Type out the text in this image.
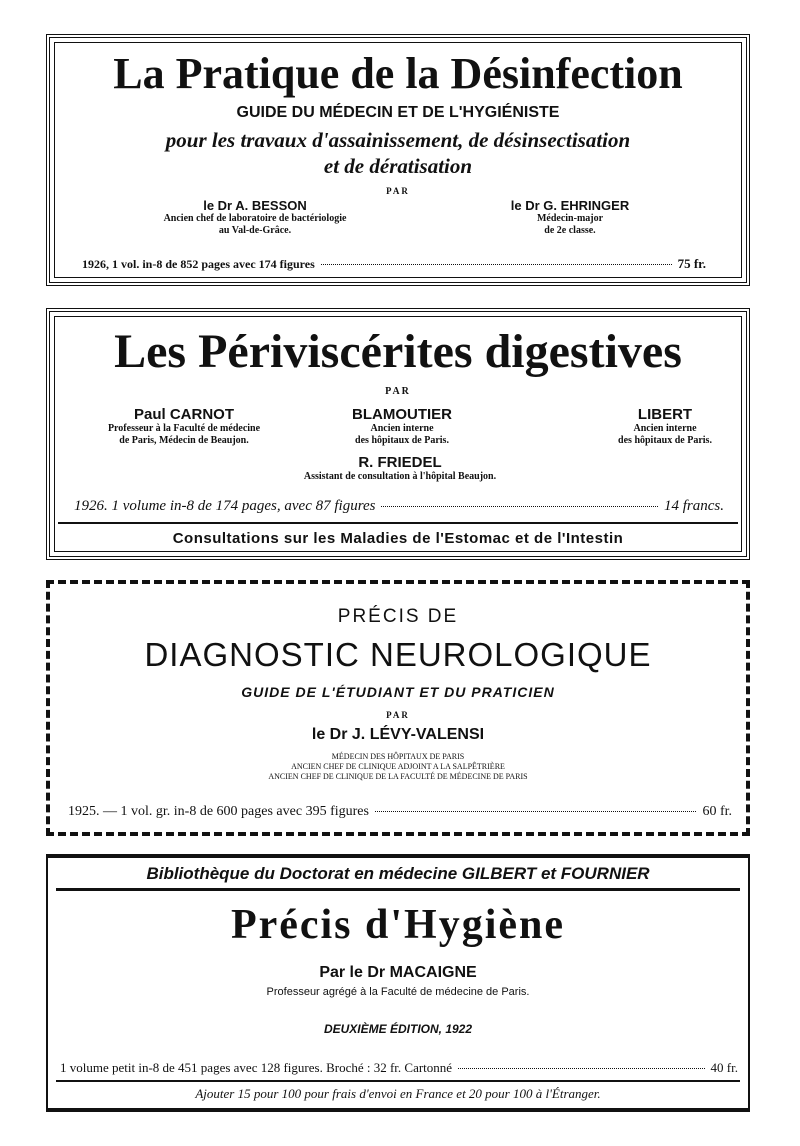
La Pratique de la Désinfection
GUIDE DU MÉDECIN ET DE L'HYGIÉNISTE
pour les travaux d'assainissement, de désinsectisation
et de dératisation
PAR
le Dr A. BESSON
Ancien chef de laboratoire de bactériologie
au Val-de-Grâce.
le Dr G. EHRINGER
Médecin-major
de 2e classe.
1926, 1 vol. in-8 de 852 pages avec 174 figures	75 fr.
Les Périviscérites digestives
PAR
Paul CARNOT
Professeur à la Faculté de médecine
de Paris, Médecin de Beaujon.
BLAMOUTIER
Ancien interne
des hôpitaux de Paris.
LIBERT
Ancien interne
des hôpitaux de Paris.
R. FRIEDEL
Assistant de consultation à l'hôpital Beaujon.
1926. 1 volume in-8 de 174 pages, avec 87 figures	14 francs.
Consultations sur les Maladies de l'Estomac et de l'Intestin
PRÉCIS DE
DIAGNOSTIC NEUROLOGIQUE
GUIDE DE L'ÉTUDIANT ET DU PRATICIEN
PAR
le Dr J. LÉVY-VALENSI
MÉDECIN DES HÔPITAUX DE PARIS
ANCIEN CHEF DE CLINIQUE ADJOINT A LA SALPÊTRIÈRE
ANCIEN CHEF DE CLINIQUE DE LA FACULTÉ DE MÉDECINE DE PARIS
1925. — 1 vol. gr. in-8 de 600 pages avec 395 figures	60 fr.
Bibliothèque du Doctorat en médecine GILBERT et FOURNIER
Précis d'Hygiène
Par le Dr MACAIGNE
Professeur agrégé à la Faculté de médecine de Paris.
DEUXIÈME ÉDITION, 1922
1 volume petit in-8 de 451 pages avec 128 figures. Broché : 32 fr. Cartonné	40 fr.
Ajouter 15 pour 100 pour frais d'envoi en France et 20 pour 100 à l'Étranger.
